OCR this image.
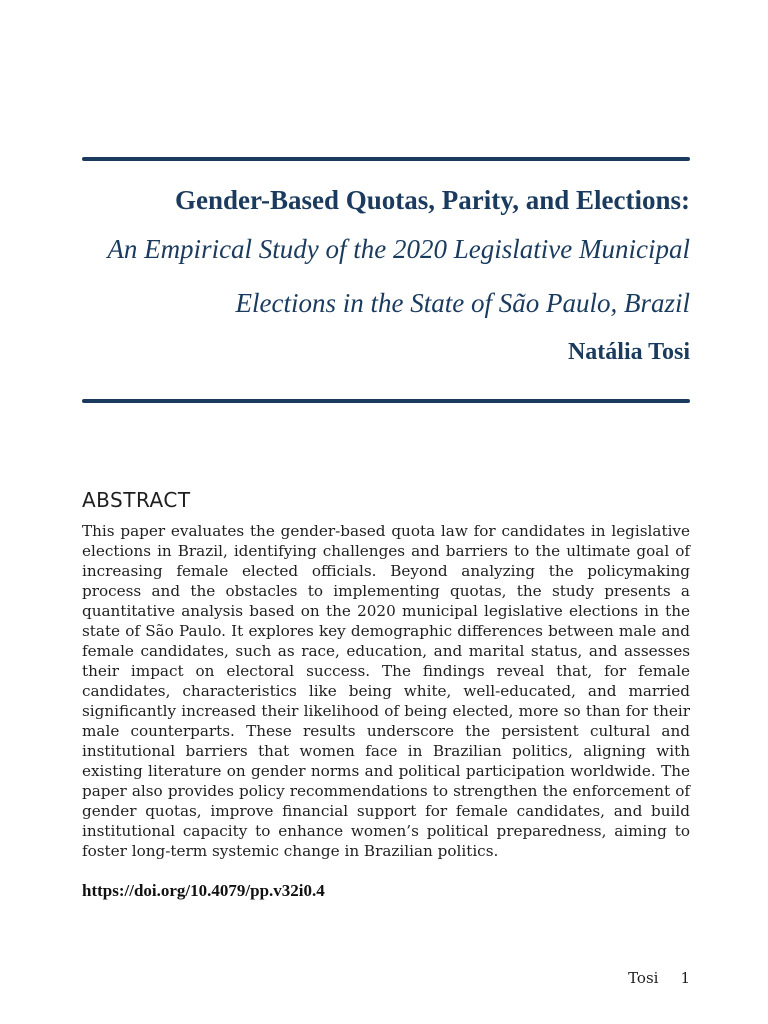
Gender-Based Quotas, Parity, and Elections:

An Empirical Study of the 2020 Legislative Municipal

Elections in the State of São Paulo, Brazil

Natália Tosi

ABSTRACT

This paper evaluates the gender-based quota law for candidates in legislative elections in Brazil, identifying challenges and barriers to the ultimate goal of increasing female elected officials. Beyond analyzing the policymaking process and the obstacles to implementing quotas, the study presents a quantitative analysis based on the 2020 municipal legislative elections in the state of São Paulo. It explores key demographic differences between male and female candidates, such as race, education, and marital status, and assesses their impact on electoral success. The findings reveal that, for female candidates, characteristics like being white, well-educated, and married significantly increased their likelihood of being elected, more so than for their male counterparts. These results underscore the persistent cultural and institutional barriers that women face in Brazilian politics, aligning with existing literature on gender norms and political participation worldwide. The paper also provides policy recommendations to strengthen the enforcement of gender quotas, improve financial support for female candidates, and build institutional capacity to enhance women’s political preparedness, aiming to foster long-term systemic change in Brazilian politics.

https://doi.org/10.4079/pp.v32i0.4

Tosi 1
